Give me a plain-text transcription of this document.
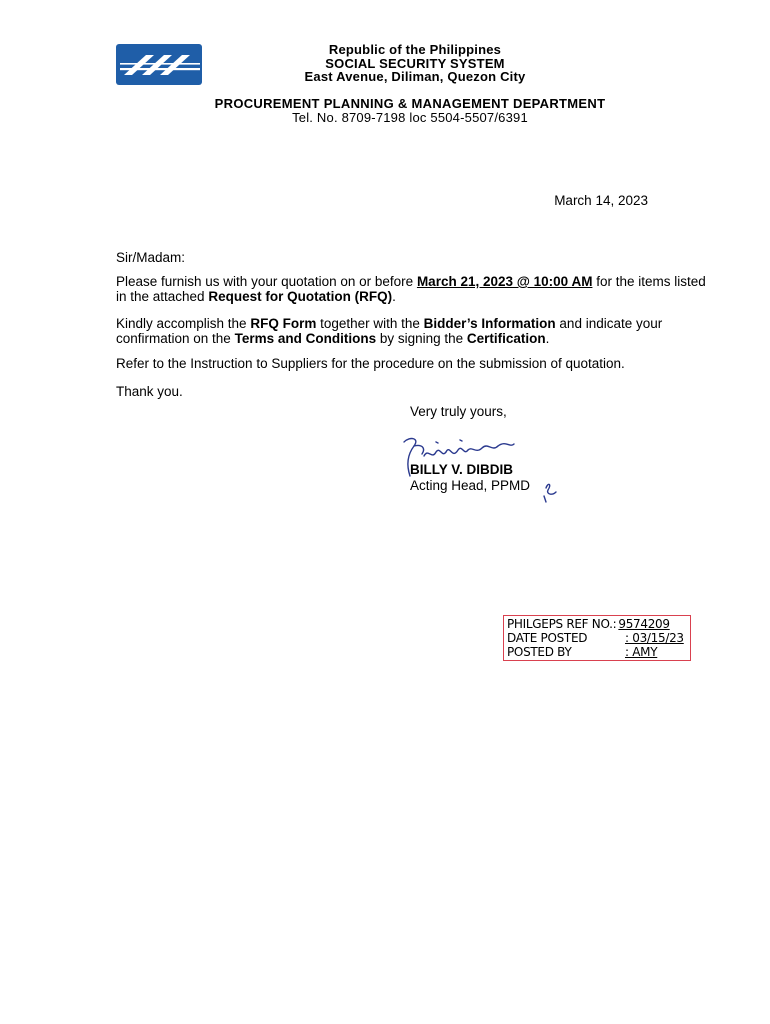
Republic of the Philippines
SOCIAL SECURITY SYSTEM
East Avenue, Diliman, Quezon City
PROCUREMENT PLANNING & MANAGEMENT DEPARTMENT
Tel. No. 8709-7198 loc 5504-5507/6391
March 14, 2023
Sir/Madam:
Please furnish us with your quotation on or before March 21, 2023 @ 10:00 AM for the items listed in the attached Request for Quotation (RFQ).
Kindly accomplish the RFQ Form together with the Bidder’s Information and indicate your confirmation on the Terms and Conditions by signing the Certification.
Refer to the Instruction to Suppliers for the procedure on the submission of quotation.
Thank you.
Very truly yours,
BILLY V. DIBDIB
Acting Head, PPMD
PHILGEPS REF NO.: 9574209
DATE POSTED	: 03/15/23
POSTED BY	: AMY
